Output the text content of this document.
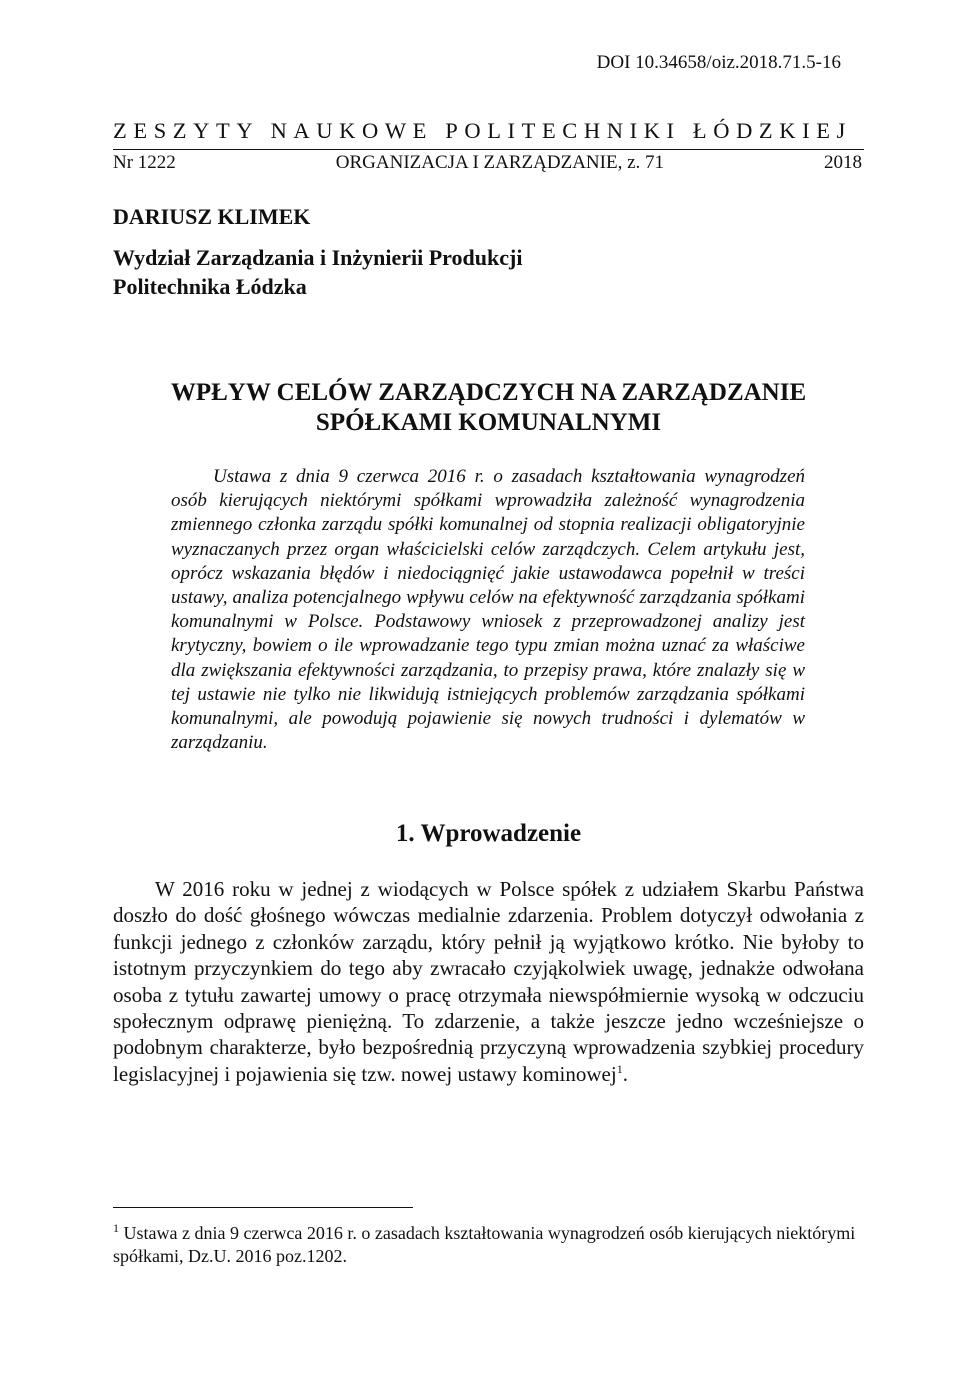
DOI 10.34658/oiz.2018.71.5-16
ZESZYTY NAUKOWE POLITECHNIKI ŁÓDZKIEJ
Nr 1222	ORGANIZACJA I ZARZĄDZANIE, z. 71	2018
DARIUSZ KLIMEK
Wydział Zarządzania i Inżynierii Produkcji
Politechnika Łódzka
WPŁYW CELÓW ZARZĄDCZYCH NA ZARZĄDZANIE
SPÓŁKAMI KOMUNALNYMI

Ustawa z dnia 9 czerwca 2016 r. o zasadach kształtowania wynagrodzeń osób kierujących niektórymi spółkami wprowadziła zależność wynagrodzenia zmiennego członka zarządu spółki komunalnej od stopnia realizacji obligatoryjnie wyznaczanych przez organ właścicielski celów zarządczych. Celem artykułu jest, oprócz wskazania błędów i niedociągnięć jakie ustawodawca popełnił w treści ustawy, analiza potencjalnego wpływu celów na efektywność zarządzania spółkami komunalnymi w Polsce. Podstawowy wniosek z przeprowadzonej analizy jest krytyczny, bowiem o ile wprowadzanie tego typu zmian można uznać za właściwe dla zwiększania efektywności zarządzania, to przepisy prawa, które znalazły się w tej ustawie nie tylko nie likwidują istniejących problemów zarządzania spółkami komunalnymi, ale powodują pojawienie się nowych trudności i dylematów w zarządzaniu.

1. Wprowadzenie

W 2016 roku w jednej z wiodących w Polsce spółek z udziałem Skarbu Państwa doszło do dość głośnego wówczas medialnie zdarzenia. Problem dotyczył odwołania z funkcji jednego z członków zarządu, który pełnił ją wyjątkowo krótko. Nie byłoby to istotnym przyczynkiem do tego aby zwracało czyjąkolwiek uwagę, jednakże odwołana osoba z tytułu zawartej umowy o pracę otrzymała niewspółmiernie wysoką w odczuciu społecznym odprawę pieniężną. To zdarzenie, a także jeszcze jedno wcześniejsze o podobnym charakterze, było bezpośrednią przyczyną wprowadzenia szybkiej procedury legislacyjnej i pojawienia się tzw. nowej ustawy kominowej$^1$.

$^1$ Ustawa z dnia 9 czerwca 2016 r. o zasadach kształtowania wynagrodzeń osób kierujących niektórymi spółkami, Dz.U. 2016 poz.1202.
